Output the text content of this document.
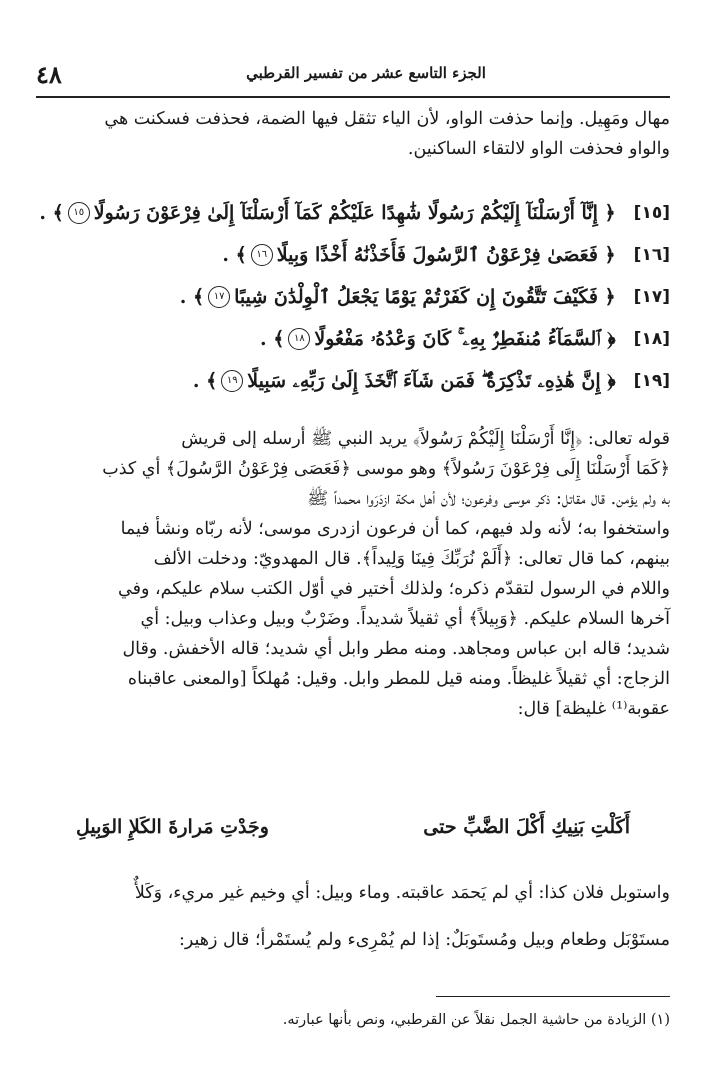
٤٨	الجزء التاسع عشر من تفسير القرطبي

مهال ومَهِيل. وإنما حذفت الواو، لأن الياء تثقل فيها الضمة، فحذفت فسكنت هي

والواو فحذفت الواو لالتقاء الساكنين.

[١٥]
﴿ إِنَّآ أَرْسَلْنَآ إِلَيْكُمْ رَسُولًا شَٰهِدًا عَلَيْكُمْ كَمَآ أَرْسَلْنَآ إِلَىٰ فِرْعَوْنَ رَسُولًا
١٥
﴾ .
[١٦]
﴿ فَعَصَىٰ فِرْعَوْنُ ٱلرَّسُولَ فَأَخَذْنَٰهُ أَخْذًا وَبِيلًا
١٦
﴾ .
[١٧]
﴿ فَكَيْفَ تَتَّقُونَ إِن كَفَرْتُمْ يَوْمًا يَجْعَلُ ٱلْوِلْدَٰنَ شِيبًا
١٧
﴾ .
[١٨]
﴿ ٱلسَّمَآءُ مُنفَطِرٌۢ بِهِۦ ۚ كَانَ وَعْدُهُۥ مَفْعُولًا
١٨
﴾ .
[١٩]
﴿ إِنَّ هَٰذِهِۦ تَذْكِرَةٌ ۖ فَمَن شَآءَ ٱتَّخَذَ إِلَىٰ رَبِّهِۦ سَبِيلًا
١٩
﴾ .

قوله تعالى: ﴿إِنَّا أَرْسَلْنَا إِلَيْكُمْ رَسُولاً﴾ يريد النبي ﷺ أرسله إلى قريش

﴿كَمَا أَرْسَلْنَا إِلَى فِرْعَوْنَ رَسُولاً﴾ وهو موسى ﴿فَعَصَى فِرْعَوْنُ الرَّسُولَ﴾ أي كذب

به ولم يؤمن. قال مقاتل: ذكر موسى وفرعون؛ لأن أهل مكة ازدَرَوا محمداً ﷺ

واستخفوا به؛ لأنه ولد فيهم، كما أن فرعون ازدرى موسى؛ لأنه ربّاه ونشأ فيما

بينهم، كما قال تعالى: ﴿أَلَمْ نُرَبِّكَ فِينَا وَلِيداً﴾. قال المهدويّ: ودخلت الألف

واللام في الرسول لتقدّم ذكره؛ ولذلك أختير في أوّل الكتب سلام عليكم، وفي

آخرها السلام عليكم. ﴿وَبِيلاً﴾ أي ثقيلاً شديداً. وضَرْبٌ وبيل وعذاب وبيل: أي

شديد؛ قاله ابن عباس ومجاهد. ومنه مطر وابل أي شديد؛ قاله الأخفش. وقال

الزجاج: أي ثقيلاً غليظاً. ومنه قيل للمطر وابل. وقيل: مُهلكاً [والمعنى عاقبناه

عقوبة⁽¹⁾ غليظة] قال:

أَكَلْتِ بَنِيكِ أَكْلَ الضَّبِّ حتى
وجَدْتِ مَرارةَ الكَلإِ الوَبِيلِ

واستوبل فلان كذا: أي لم يَحمَد عاقبته. وماء وبيل: أي وخيم غير مريء، وَكَلأٌ

مستَوْبَل وطعام وبيل ومُستَوبَلٌ: إذا لم يُمْرِىء ولم يُستَمْرأ؛ قال زهير:

(١) الزيادة من حاشية الجمل نقلاً عن القرطبي، ونص بأنها عبارته.
